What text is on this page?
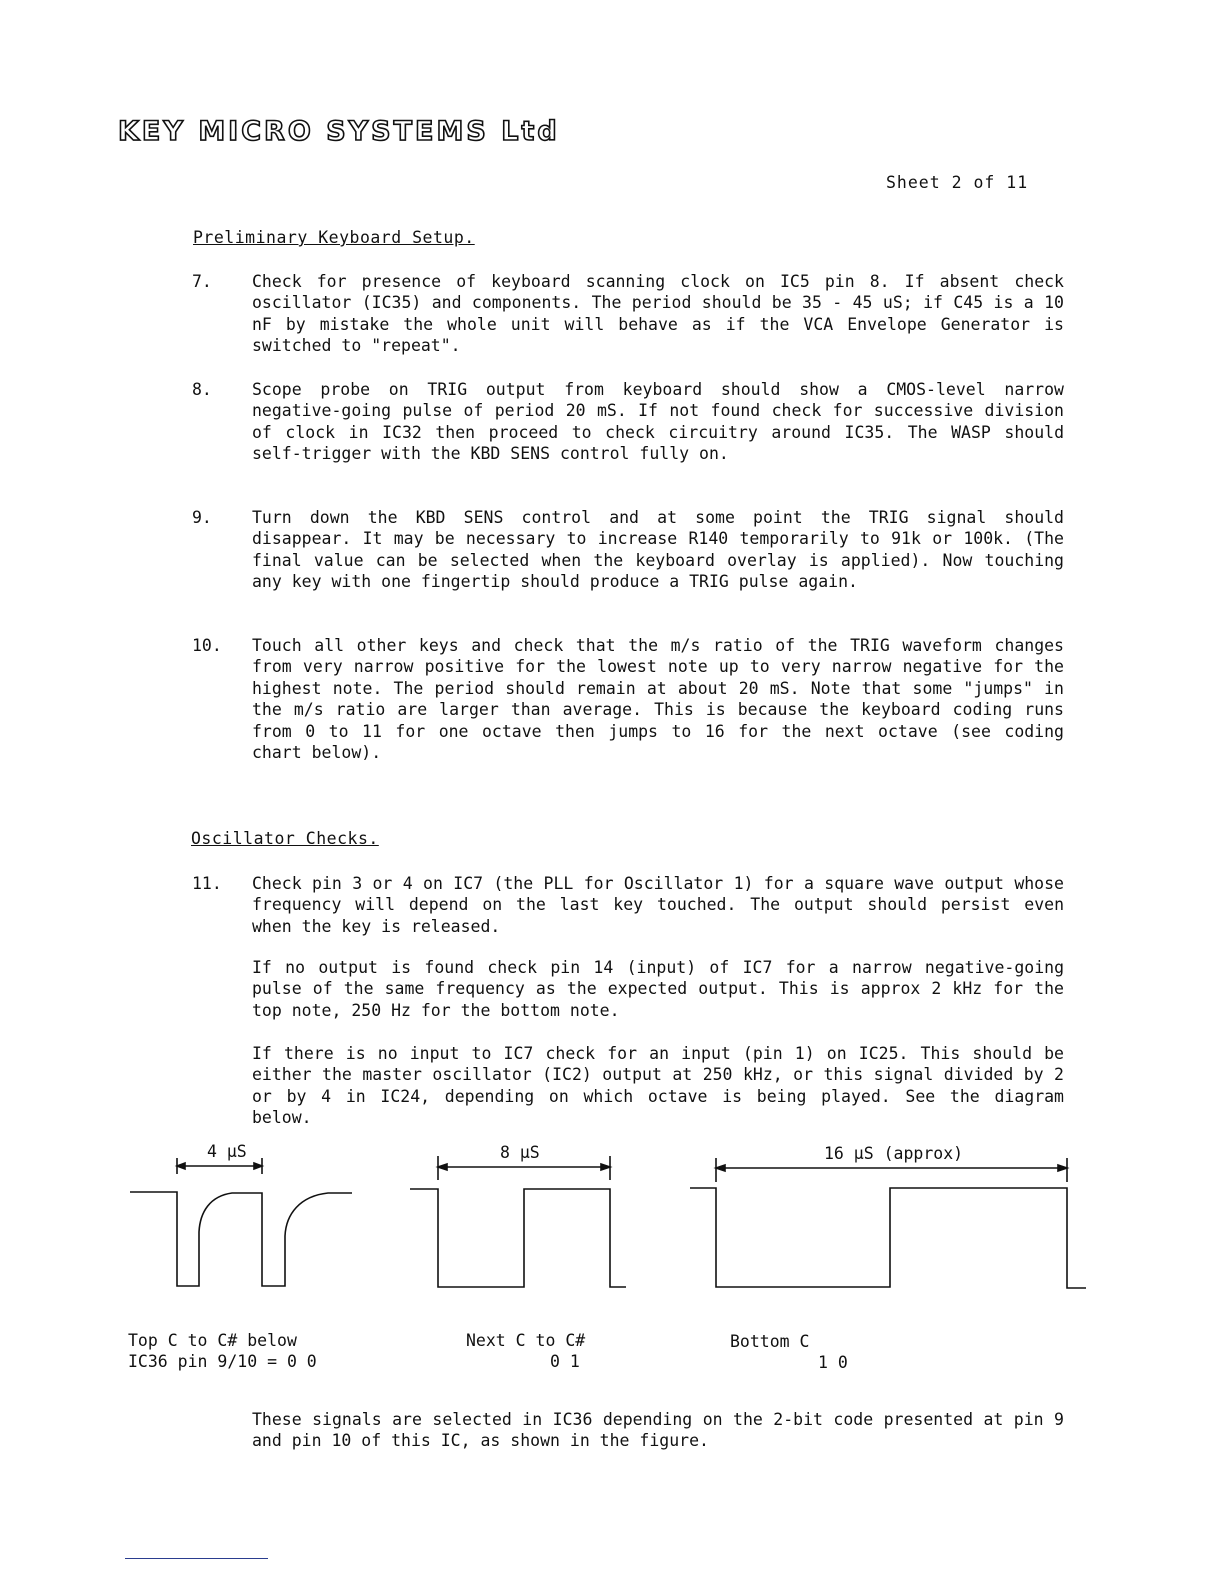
KEY MICRO SYSTEMS Ltd
Sheet 2 of 11
Preliminary Keyboard Setup.
7. Check for presence of keyboard scanning clock on IC5 pin 8. If absent check oscillator (IC35) and components. The period should be 35 - 45 uS; if C45 is a 10 nF by mistake the whole unit will behave as if the VCA Envelope Generator is switched to "repeat".
8. Scope probe on TRIG output from keyboard should show a CMOS-level narrow negative-going pulse of period 20 mS. If not found check for successive division of clock in IC32 then proceed to check circuitry around IC35. The WASP should self-trigger with the KBD SENS control fully on.
9. Turn down the KBD SENS control and at some point the TRIG signal should disappear. It may be necessary to increase R140 temporarily to 91k or 100k. (The final value can be selected when the keyboard overlay is applied). Now touching any key with one fingertip should produce a TRIG pulse again.
10. Touch all other keys and check that the m/s ratio of the TRIG waveform changes from very narrow positive for the lowest note up to very narrow negative for the highest note. The period should remain at about 20 mS. Note that some "jumps" in the m/s ratio are larger than average. This is because the keyboard coding runs from 0 to 11 for one octave then jumps to 16 for the next octave (see coding chart below).
Oscillator Checks.
11. Check pin 3 or 4 on IC7 (the PLL for Oscillator 1) for a square wave output whose frequency will depend on the last key touched. The output should persist even when the key is released.
If no output is found check pin 14 (input) of IC7 for a narrow negative-going pulse of the same frequency as the expected output. This is approx 2 kHz for the top note, 250 Hz for the bottom note.
If there is no input to IC7 check for an input (pin 1) on IC25. This should be either the master oscillator (IC2) output at 250 kHz, or this signal divided by 2 or by 4 in IC24, depending on which octave is being played. See the diagram below.
4 µS	8 µS	16 µS (approx)
Top C to C# below
IC36 pin 9/10 = 0 0
Next C to C#
0 1
Bottom C
1 0
These signals are selected in IC36 depending on the 2-bit code presented at pin 9 and pin 10 of this IC, as shown in the figure.
